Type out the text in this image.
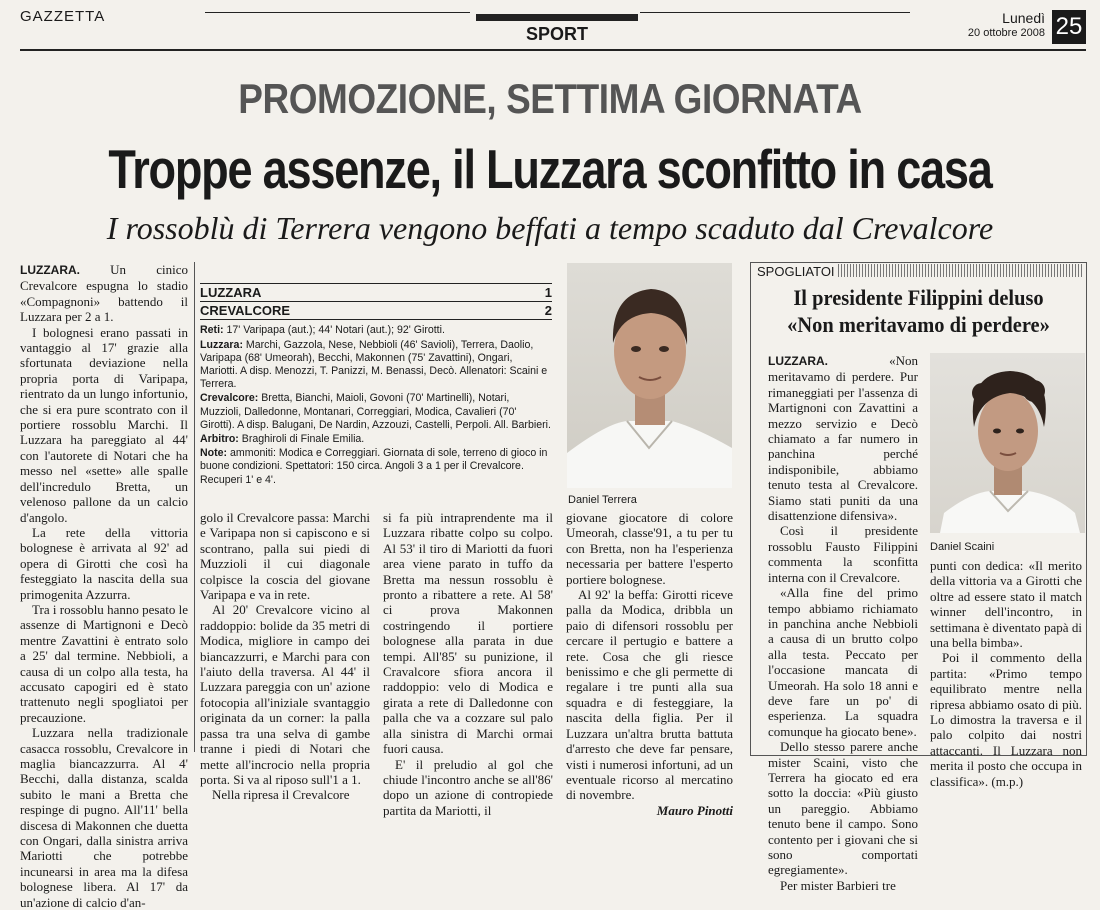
GAZZETTA
SPORT
Lunedì
20 ottobre 2008 25
PROMOZIONE, SETTIMA GIORNATA
Troppe assenze, il Luzzara sconfitto in casa
I rossoblù di Terrera vengono beffati a tempo scaduto dal Crevalcore

LUZZARA. Un cinico Crevalcore espugna lo stadio «Compagnoni» battendo il Luzzara per 2 a 1.

I bolognesi erano passati in vantaggio al 17' grazie alla sfortunata deviazione nella propria porta di Varipapa, rientrato da un lungo infortunio, che si era pure scontrato con il portiere rossoblu Marchi. Il Luzzara ha pareggiato al 44' con l'autorete di Notari che ha messo nel «sette» alle spalle dell'incredulo Bretta, un velenoso pallone da un calcio d'angolo.

La rete della vittoria bolognese è arrivata al 92' ad opera di Girotti che così ha festeggiato la nascita della sua primogenita Azzurra.

Tra i rossoblu hanno pesato le assenze di Martignoni e Decò mentre Zavattini è entrato solo a 25' dal termine. Nebbioli, a causa di un colpo alla testa, ha accusato capogiri ed è stato trattenuto negli spogliatoi per precauzione.

Luzzara nella tradizionale casacca rossoblu, Crevalcore in maglia biancazzurra. Al 4' Becchi, dalla distanza, scalda subito le mani a Bretta che respinge di pugno. All'11' bella discesa di Makonnen che duetta con Ongari, dalla sinistra arriva Mariotti che potrebbe incunearsi in area ma la difesa bolognese libera. Al 17' da un'azione di calcio d'an-

LUZZARA	1
CREVALCORE	2

Reti: 17' Varipapa (aut.); 44' Notari (aut.); 92' Girotti.

Luzzara: Marchi, Gazzola, Nese, Nebbioli (46' Savioli), Terrera, Daolio, Varipapa (68' Umeorah), Becchi, Makonnen (75' Zavattini), Ongari, Mariotti. A disp. Menozzi, T. Panizzi, M. Benassi, Decò. Allenatori: Scaini e Terrera.

Crevalcore: Bretta, Bianchi, Maioli, Govoni (70' Martinelli), Notari, Muzzioli, Dalledonne, Montanari, Correggiari, Modica, Cavalieri (70' Girotti). A disp. Balugani, De Nardin, Azzouzi, Castelli, Perpoli. All. Barbieri.

Arbitro: Braghiroli di Finale Emilia.

Note: ammoniti: Modica e Correggiari. Giornata di sole, terreno di gioco in buone condizioni. Spettatori: 150 circa. Angoli 3 a 1 per il Crevalcore. Recuperi 1' e 4'.

Daniel Terrera

golo il Crevalcore passa: Marchi e Varipapa non si capiscono e si scontrano, palla sui piedi di Muzzioli il cui diagonale colpisce la coscia del giovane Varipapa e va in rete.

Al 20' Crevalcore vicino al raddoppio: bolide da 35 metri di Modica, migliore in campo dei biancazzurri, e Marchi para con l'aiuto della traversa. Al 44' il Luzzara pareggia con un' azione fotocopia all'iniziale svantaggio originata da un corner: la palla passa tra una selva di gambe tranne i piedi di Notari che mette all'incrocio nella propria porta. Si va al riposo sull'1 a 1.

Nella ripresa il Crevalcore

si fa più intraprendente ma il Luzzara ribatte colpo su colpo. Al 53' il tiro di Mariotti da fuori area viene parato in tuffo da Bretta ma nessun rossoblu è pronto a ribattere a rete. Al 58' ci prova Makonnen costringendo il portiere bolognese alla parata in due tempi. All'85' su punizione, il Cravalcore sfiora ancora il raddoppio: velo di Modica e girata a rete di Dalledonne con palla che va a cozzare sul palo alla sinistra di Marchi ormai fuori causa.

E' il preludio al gol che chiude l'incontro anche se all'86' dopo un azione di contropiede partita da Mariotti, il

giovane giocatore di colore Umeorah, classe'91, a tu per tu con Bretta, non ha l'esperienza necessaria per battere l'esperto portiere bolognese.

Al 92' la beffa: Girotti riceve palla da Modica, dribbla un paio di difensori rossoblu per cercare il pertugio e battere a rete. Cosa che gli riesce benissimo e che gli permette di regalare i tre punti alla sua squadra e di festeggiare, la nascita della figlia. Per il Luzzara un'altra brutta battuta d'arresto che deve far pensare, visti i numerosi infortuni, ad un eventuale ricorso al mercatino di novembre.

Mauro Pinotti

SPOGLIATOI
Il presidente Filippini deluso
«Non meritavamo di perdere»

LUZZARA. «Non meritavamo di perdere. Pur rimaneggiati per l'assenza di Martignoni con Zavattini a mezzo servizio e Decò chiamato a far numero in panchina perché indisponibile, abbiamo tenuto testa al Crevalcore. Siamo stati puniti da una disattenzione difensiva».

Così il presidente rossoblu Fausto Filippini commenta la sconfitta interna con il Crevalcore.

«Alla fine del primo tempo abbiamo richiamato in panchina anche Nebbioli a causa di un brutto colpo alla testa. Peccato per l'occasione mancata di Umeorah. Ha solo 18 anni e deve fare un po' di esperienza. La squadra comunque ha giocato bene».

Dello stesso parere anche mister Scaini, visto che Terrera ha giocato ed era sotto la doccia: «Più giusto un pareggio. Abbiamo tenuto bene il campo. Sono contento per i giovani che si sono comportati egregiamente».

Per mister Barbieri tre

Daniel Scaini

punti con dedica: «Il merito della vittoria va a Girotti che oltre ad essere stato il match winner dell'incontro, in settimana è diventato papà di una bella bimba».

Poi il commento della partita: «Primo tempo equilibrato mentre nella ripresa abbiamo osato di più. Lo dimostra la traversa e il palo colpito dai nostri attaccanti. Il Luzzara non merita il posto che occupa in classifica». (m.p.)
